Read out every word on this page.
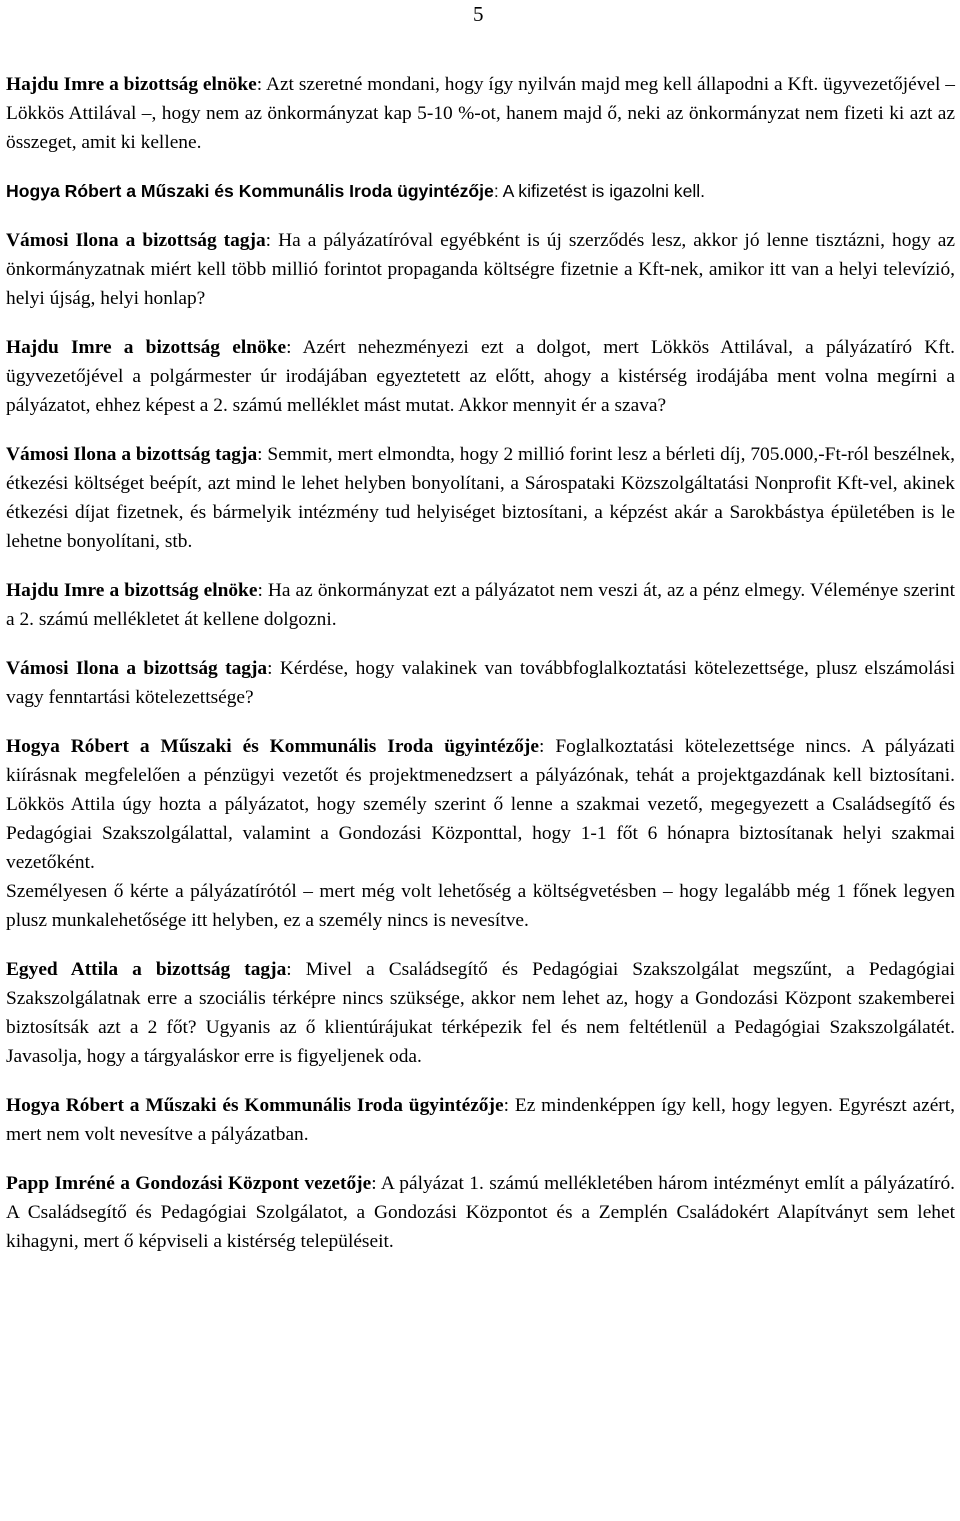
5

Hajdu Imre a bizottság elnöke: Azt szeretné mondani, hogy így nyilván majd meg kell állapodni a Kft. ügyvezetőjével – Lökkös Attilával –, hogy nem az önkormányzat kap 5-10 %-ot, hanem majd ő, neki az önkormányzat nem fizeti ki azt az összeget, amit ki kellene.

Hogya Róbert a Műszaki és Kommunális Iroda ügyintézője: A kifizetést is igazolni kell.

Vámosi Ilona a bizottság tagja: Ha a pályázatíróval egyébként is új szerződés lesz, akkor jó lenne tisztázni, hogy az önkormányzatnak miért kell több millió forintot propaganda költségre fizetnie a Kft-nek, amikor itt van a helyi televízió, helyi újság, helyi honlap?

Hajdu Imre a bizottság elnöke: Azért nehezményezi ezt a dolgot, mert Lökkös Attilával, a pályázatíró Kft. ügyvezetőjével a polgármester úr irodájában egyeztetett az előtt, ahogy a kistérség irodájába ment volna megírni a pályázatot, ehhez képest a 2. számú melléklet mást mutat. Akkor mennyit ér a szava?

Vámosi Ilona a bizottság tagja: Semmit, mert elmondta, hogy 2 millió forint lesz a bérleti díj, 705.000,-Ft-ról beszélnek, étkezési költséget beépít, azt mind le lehet helyben bonyolítani, a Sárospataki Közszolgáltatási Nonprofit Kft-vel, akinek étkezési díjat fizetnek, és bármelyik intézmény tud helyiséget biztosítani, a képzést akár a Sarokbástya épületében is le lehetne bonyolítani, stb.

Hajdu Imre a bizottság elnöke: Ha az önkormányzat ezt a pályázatot nem veszi át, az a pénz elmegy. Véleménye szerint a 2. számú mellékletet át kellene dolgozni.

Vámosi Ilona a bizottság tagja: Kérdése, hogy valakinek van továbbfoglalkoztatási kötelezettsége, plusz elszámolási vagy fenntartási kötelezettsége?

Hogya Róbert a Műszaki és Kommunális Iroda ügyintézője: Foglalkoztatási kötelezettsége nincs. A pályázati kiírásnak megfelelően a pénzügyi vezetőt és projektmenedzsert a pályázónak, tehát a projektgazdának kell biztosítani. Lökkös Attila úgy hozta a pályázatot, hogy személy szerint ő lenne a szakmai vezető, megegyezett a Családsegítő és Pedagógiai Szakszolgálattal, valamint a Gondozási Központtal, hogy 1-1 főt 6 hónapra biztosítanak helyi szakmai vezetőként.

Személyesen ő kérte a pályázatírótól – mert még volt lehetőség a költségvetésben – hogy legalább még 1 főnek legyen plusz munkalehetősége itt helyben, ez a személy nincs is nevesítve.

Egyed Attila a bizottság tagja: Mivel a Családsegítő és Pedagógiai Szakszolgálat megszűnt, a Pedagógiai Szakszolgálatnak erre a szociális térképre nincs szüksége, akkor nem lehet az, hogy a Gondozási Központ szakemberei biztosítsák azt a 2 főt? Ugyanis az ő klientúrájukat térképezik fel és nem feltétlenül a Pedagógiai Szakszolgálatét. Javasolja, hogy a tárgyaláskor erre is figyeljenek oda.

Hogya Róbert a Műszaki és Kommunális Iroda ügyintézője: Ez mindenképpen így kell, hogy legyen. Egyrészt azért, mert nem volt nevesítve a pályázatban.

Papp Imréné a Gondozási Központ vezetője: A pályázat 1. számú mellékletében három intézményt említ a pályázatíró. A Családsegítő és Pedagógiai Szolgálatot, a Gondozási Központot és a Zemplén Családokért Alapítványt sem lehet kihagyni, mert ő képviseli a kistérség településeit.
